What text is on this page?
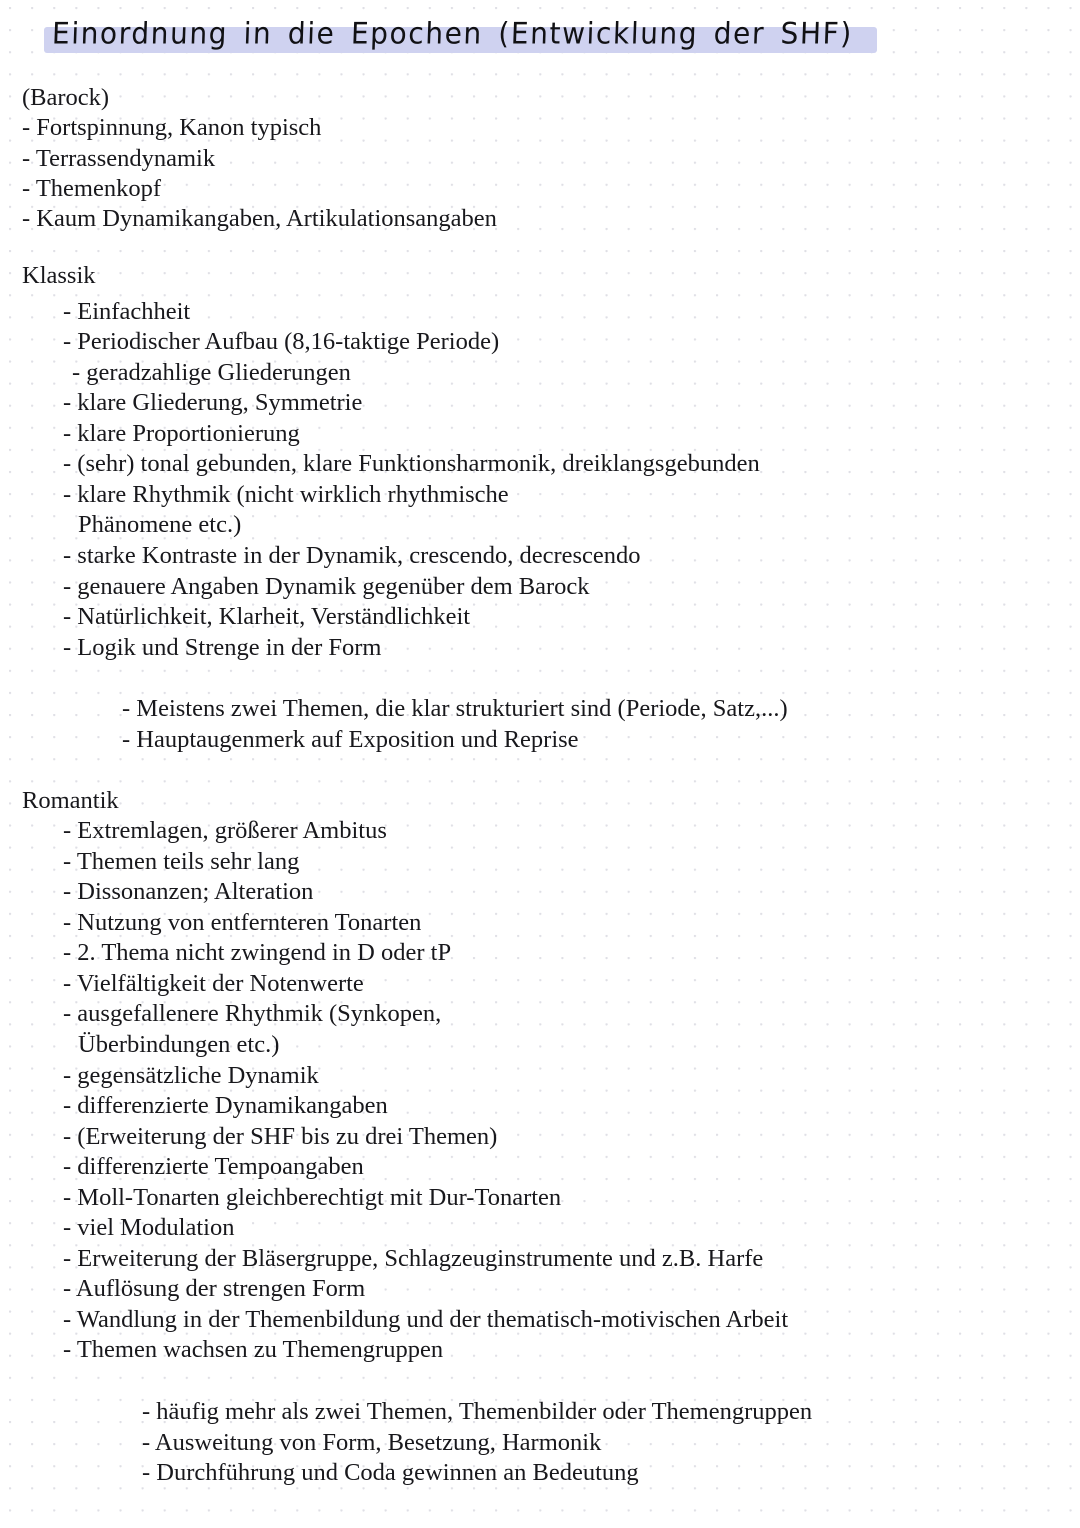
Einordnung in die Epochen (Entwicklung der SHF)
(Barock)
- Fortspinnung, Kanon typisch
- Terrassendynamik
- Themenkopf
- Kaum Dynamikangaben, Artikulationsangaben
Klassik
- Einfachheit
- Periodischer Aufbau (8,16-taktige Periode)
- geradzahlige Gliederungen
- klare Gliederung, Symmetrie
- klare Proportionierung
- (sehr) tonal gebunden, klare Funktionsharmonik, dreiklangsgebunden
- klare Rhythmik (nicht wirklich rhythmische
Phänomene etc.)
- starke Kontraste in der Dynamik, crescendo, decrescendo
- genauere Angaben Dynamik gegenüber dem Barock
- Natürlichkeit, Klarheit, Verständlichkeit
- Logik und Strenge in der Form
- Meistens zwei Themen, die klar strukturiert sind (Periode, Satz,...)
- Hauptaugenmerk auf Exposition und Reprise
Romantik
- Extremlagen, größerer Ambitus
- Themen teils sehr lang
- Dissonanzen; Alteration
- Nutzung von entfernteren Tonarten
- 2. Thema nicht zwingend in D oder tP
- Vielfältigkeit der Notenwerte
- ausgefallenere Rhythmik (Synkopen,
Überbindungen etc.)
- gegensätzliche Dynamik
- differenzierte Dynamikangaben
- (Erweiterung der SHF bis zu drei Themen)
- differenzierte Tempoangaben
- Moll-Tonarten gleichberechtigt mit Dur-Tonarten
- viel Modulation
- Erweiterung der Bläsergruppe, Schlagzeuginstrumente und z.B. Harfe
- Auflösung der strengen Form
- Wandlung in der Themenbildung und der thematisch-motivischen Arbeit
- Themen wachsen zu Themengruppen
- häufig mehr als zwei Themen, Themenbilder oder Themengruppen
- Ausweitung von Form, Besetzung, Harmonik
- Durchführung und Coda gewinnen an Bedeutung
